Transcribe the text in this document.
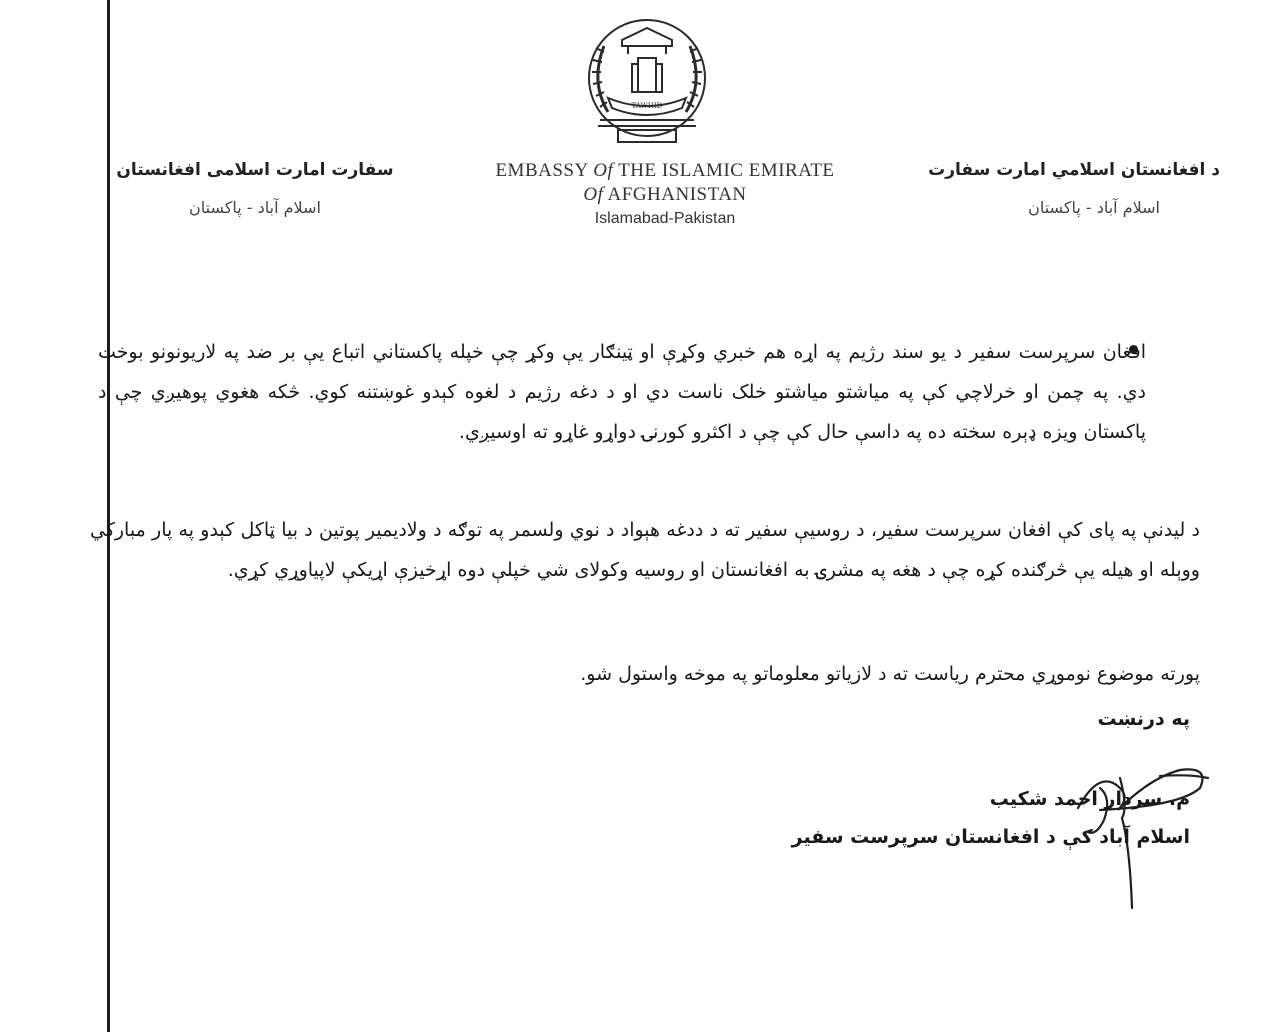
TAWHID
د افغانستان اسلامي امارت سفارت
اسلام آباد - پاکستان
EMBASSY Of THE ISLAMIC EMIRATE
Of AFGHANISTAN
Islamabad-Pakistan
سفارت امارت اسلامی افغانستان
اسلام آباد - پاکستان
افغان سرپرست سفیر د یو سند رژیم په اړه هم خبري وکړې او ټینګار یې وکړ چې خپله پاکستاني اتباع یې بر ضد په لاریونونو بوخت دي. په چمن او خرلاچي کې په میاشتو میاشتو خلک ناست دي او د دغه رژیم د لغوه کېدو غوښتنه کوي. څکه هغوي پوهیږي چې د پاکستان ویزه ډېره سخته ده په داسې حال کې چې د اکثرو کورنۍ دواړو غاړو ته اوسیږي.
د لیدنې په پای کې افغان سرپرست سفیر، د روسیې سفیر ته د ددغه هېواد د نوي ولسمر په توګه د ولادیمیر پوتین د بیا ټاکل کېدو په پار مبارکي ووېله او هیله یې څرګنده کړه چې د هغه په مشرۍ به افغانستان او روسیه وکولای شي خپلې دوه اړخیزې اړیکې لاپیاوړي کړي.
پورته موضوع نوموړي محترم ریاست ته د لازیاتو معلوماتو په موخه واستول شو.
په درنښت
م. سردار احمد شکیب
اسلام آباد کې د افغانستان سرپرست سفیر
